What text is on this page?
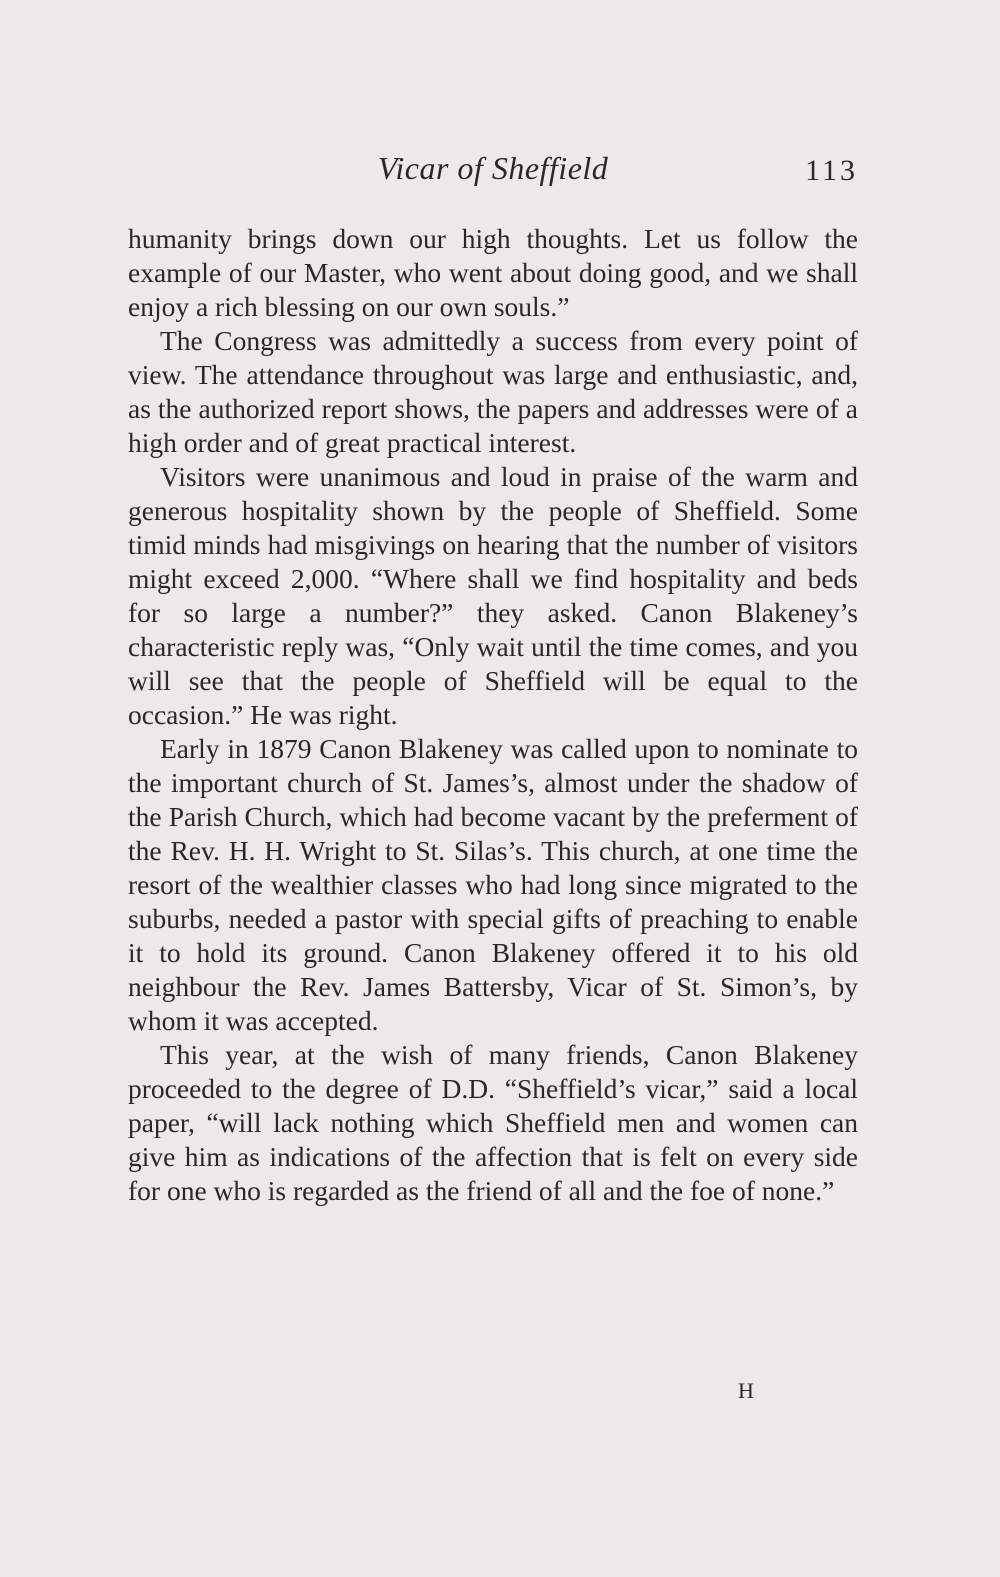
Vicar of Sheffield	113

humanity brings down our high thoughts. Let us follow the example of our Master, who went about doing good, and we shall enjoy a rich blessing on our own souls.”

The Congress was admittedly a success from every point of view. The attendance throughout was large and enthusiastic, and, as the authorized report shows, the papers and addresses were of a high order and of great practical interest.

Visitors were unanimous and loud in praise of the warm and generous hospitality shown by the people of Sheffield. Some timid minds had misgivings on hearing that the number of visitors might exceed 2,000. “Where shall we find hospitality and beds for so large a number?” they asked. Canon Blakeney’s characteristic reply was, “Only wait until the time comes, and you will see that the people of Sheffield will be equal to the occasion.” He was right.

Early in 1879 Canon Blakeney was called upon to nominate to the important church of St. James’s, almost under the shadow of the Parish Church, which had become vacant by the preferment of the Rev. H. H. Wright to St. Silas’s. This church, at one time the resort of the wealthier classes who had long since migrated to the suburbs, needed a pastor with special gifts of preaching to enable it to hold its ground. Canon Blakeney offered it to his old neighbour the Rev. James Battersby, Vicar of St. Simon’s, by whom it was accepted.

This year, at the wish of many friends, Canon Blakeney proceeded to the degree of D.D. “Sheffield’s vicar,” said a local paper, “will lack nothing which Sheffield men and women can give him as indications of the affection that is felt on every side for one who is regarded as the friend of all and the foe of none.”

H
